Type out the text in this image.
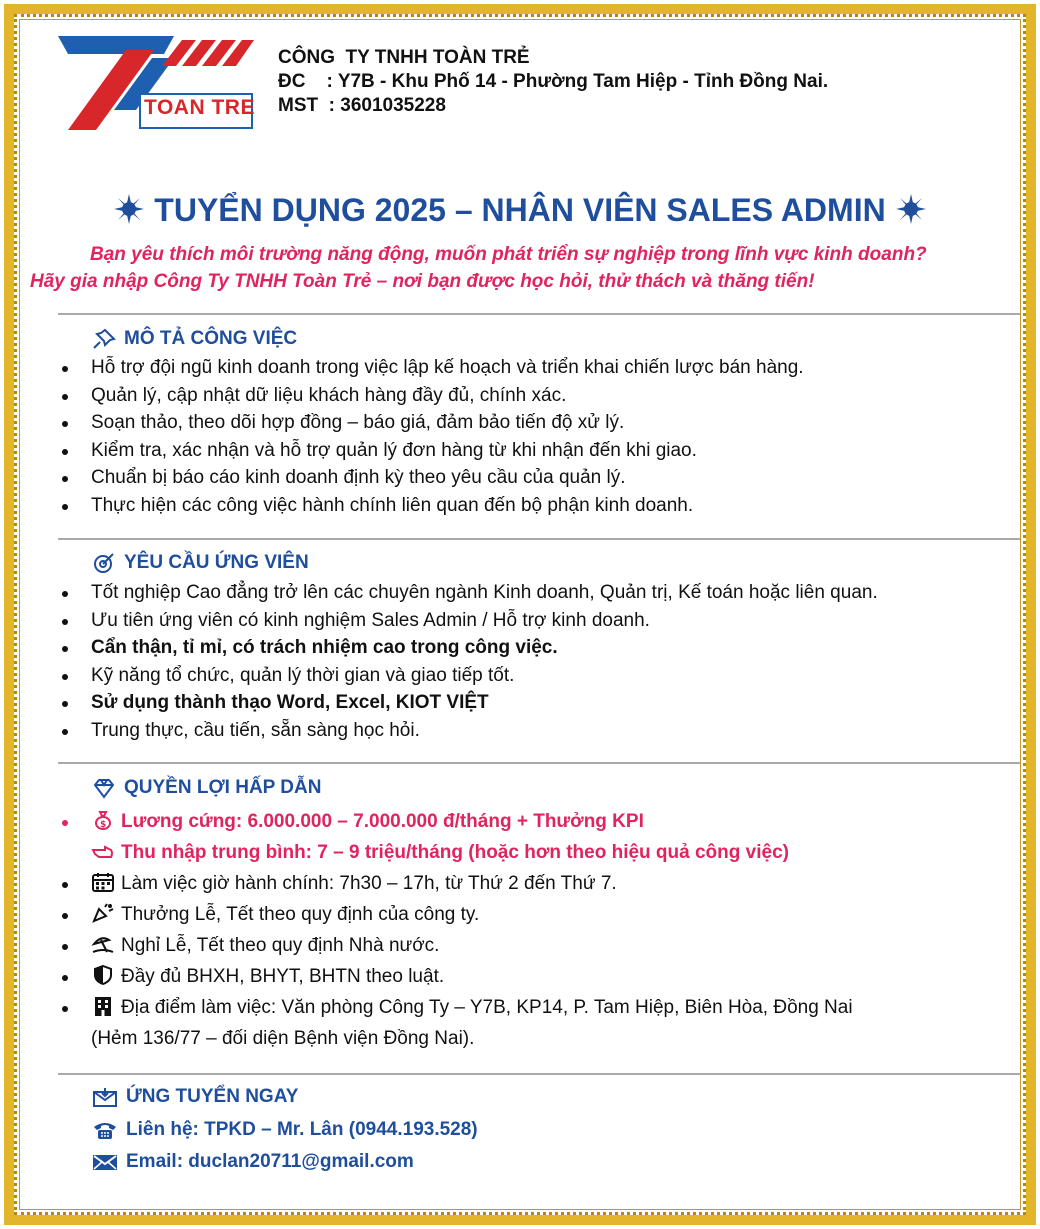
TOAN TRE
CÔNG  TY TNHH TOÀN TRẺ
ĐC    : Y7B - Khu Phố 14 - Phường Tam Hiệp - Tỉnh Đồng Nai.
MST  : 3601035228
TUYỂN DỤNG 2025 – NHÂN VIÊN SALES ADMIN
Bạn yêu thích môi trường năng động, muốn phát triển sự nghiệp trong lĩnh vực kinh doanh?
Hãy gia nhập Công Ty TNHH Toàn Trẻ – nơi bạn được học hỏi, thử thách và thăng tiến!
MÔ TẢ CÔNG VIỆC
Hỗ trợ đội ngũ kinh doanh trong việc lập kế hoạch và triển khai chiến lược bán hàng.
Quản lý, cập nhật dữ liệu khách hàng đầy đủ, chính xác.
Soạn thảo, theo dõi hợp đồng – báo giá, đảm bảo tiến độ xử lý.
Kiểm tra, xác nhận và hỗ trợ quản lý đơn hàng từ khi nhận đến khi giao.
Chuẩn bị báo cáo kinh doanh định kỳ theo yêu cầu của quản lý.
Thực hiện các công việc hành chính liên quan đến bộ phận kinh doanh.
YÊU CẦU ỨNG VIÊN
Tốt nghiệp Cao đẳng trở lên các chuyên ngành Kinh doanh, Quản trị, Kế toán hoặc liên quan.
Ưu tiên ứng viên có kinh nghiệm Sales Admin / Hỗ trợ kinh doanh.
Cẩn thận, tỉ mỉ, có trách nhiệm cao trong công việc.
Kỹ năng tổ chức, quản lý thời gian và giao tiếp tốt.
Sử dụng thành thạo Word, Excel, KIOT VIỆT
Trung thực, cầu tiến, sẵn sàng học hỏi.
QUYỀN LỢI HẤP DẪN
$ Lương cứng: 6.000.000 – 7.000.000 đ/tháng + Thưởng KPI
Thu nhập trung bình: 7 – 9 triệu/tháng (hoặc hơn theo hiệu quả công việc)
Làm việc giờ hành chính: 7h30 – 17h, từ Thứ 2 đến Thứ 7.
Thưởng Lễ, Tết theo quy định của công ty.
Nghỉ Lễ, Tết theo quy định Nhà nước.
Đầy đủ BHXH, BHYT, BHTN theo luật.
Địa điểm làm việc: Văn phòng Công Ty – Y7B, KP14, P. Tam Hiệp, Biên Hòa, Đồng Nai
(Hẻm 136/77 – đối diện Bệnh viện Đồng Nai).
ỨNG TUYỂN NGAY
Liên hệ: TPKD – Mr. Lân (0944.193.528)
Email: duclan20711@gmail.com
